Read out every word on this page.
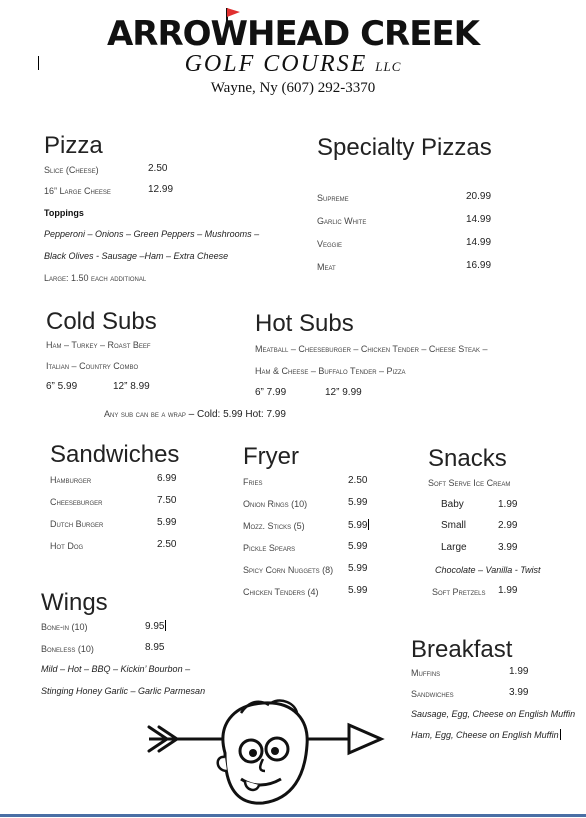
ARROWHEAD CREEK
GOLF COURSE LLC
Wayne, Ny (607) 292-3370
Pizza
Slice (Cheese)	2.50
16” Large Cheese	12.99
Toppings
Pepperoni – Onions – Green Peppers – Mushrooms –
Black Olives - Sausage –Ham – Extra Cheese
Large: 1.50 each additional
Specialty Pizzas
Supreme	20.99
Garlic White	14.99
Veggie	14.99
Meat	16.99
Cold Subs
Ham – Turkey – Roast Beef
Italian – Country Combo
6” 5.99	12” 8.99
Hot Subs
Meatball – Cheeseburger – Chicken Tender – Cheese Steak –
Ham & Cheese – Buffalo Tender – Pizza
6” 7.99	12” 9.99
Any sub can be a wrap – Cold: 5.99 Hot: 7.99
Sandwiches
Hamburger	6.99
Cheeseburger	7.50
Dutch Burger	5.99
Hot Dog	2.50
Fryer
Fries	2.50
Onion Rings (10)	5.99
Mozz. Sticks (5)	5.99
Pickle Spears	5.99
Spicy Corn Nuggets (8) 5.99
Chicken Tenders (4)	5.99
Snacks
Soft Serve Ice Cream
Baby	1.99
Small	2.99
Large	3.99
Chocolate – Vanilla - Twist
Soft Pretzels 1.99
Wings
Bone-in (10)	9.95
Boneless (10)	8.95
Mild – Hot – BBQ – Kickin’ Bourbon –
Stinging Honey Garlic – Garlic Parmesan
Breakfast
Muffins	1.99
Sandwiches	3.99
Sausage, Egg, Cheese on English Muffin
Ham, Egg, Cheese on English Muffin
